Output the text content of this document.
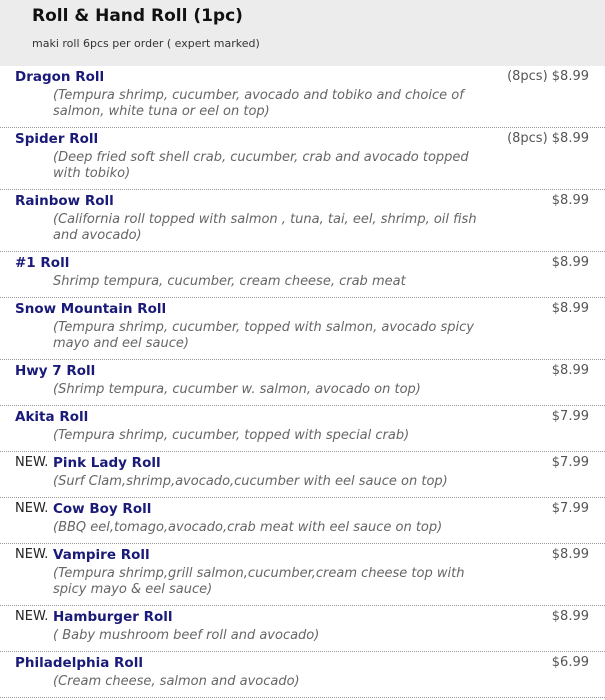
Roll & Hand Roll (1pc)
maki roll 6pcs per order ( expert marked)
Dragon Roll	(8pcs) $8.99
(Tempura shrimp, cucumber, avocado and tobiko and choice of salmon, white tuna or eel on top)
Spider Roll	(8pcs) $8.99
(Deep fried soft shell crab, cucumber, crab and avocado topped with tobiko)
Rainbow Roll	$8.99
(California roll topped with salmon , tuna, tai, eel, shrimp, oil fish and avocado)
#1 Roll	$8.99
Shrimp tempura, cucumber, cream cheese, crab meat
Snow Mountain Roll	$8.99
(Tempura shrimp, cucumber, topped with salmon, avocado spicy mayo and eel sauce)
Hwy 7 Roll	$8.99
(Shrimp tempura, cucumber w. salmon, avocado on top)
Akita Roll	$7.99
(Tempura shrimp, cucumber, topped with special crab)
NEW. Pink Lady Roll	$7.99
(Surf Clam,shrimp,avocado,cucumber with eel sauce on top)
NEW. Cow Boy Roll	$7.99
(BBQ eel,tomago,avocado,crab meat with eel sauce on top)
NEW. Vampire Roll	$8.99
(Tempura shrimp,grill salmon,cucumber,cream cheese top with spicy mayo & eel sauce)
NEW. Hamburger Roll	$8.99
( Baby mushroom beef roll and avocado)
Philadelphia Roll	$6.99
(Cream cheese, salmon and avocado)
